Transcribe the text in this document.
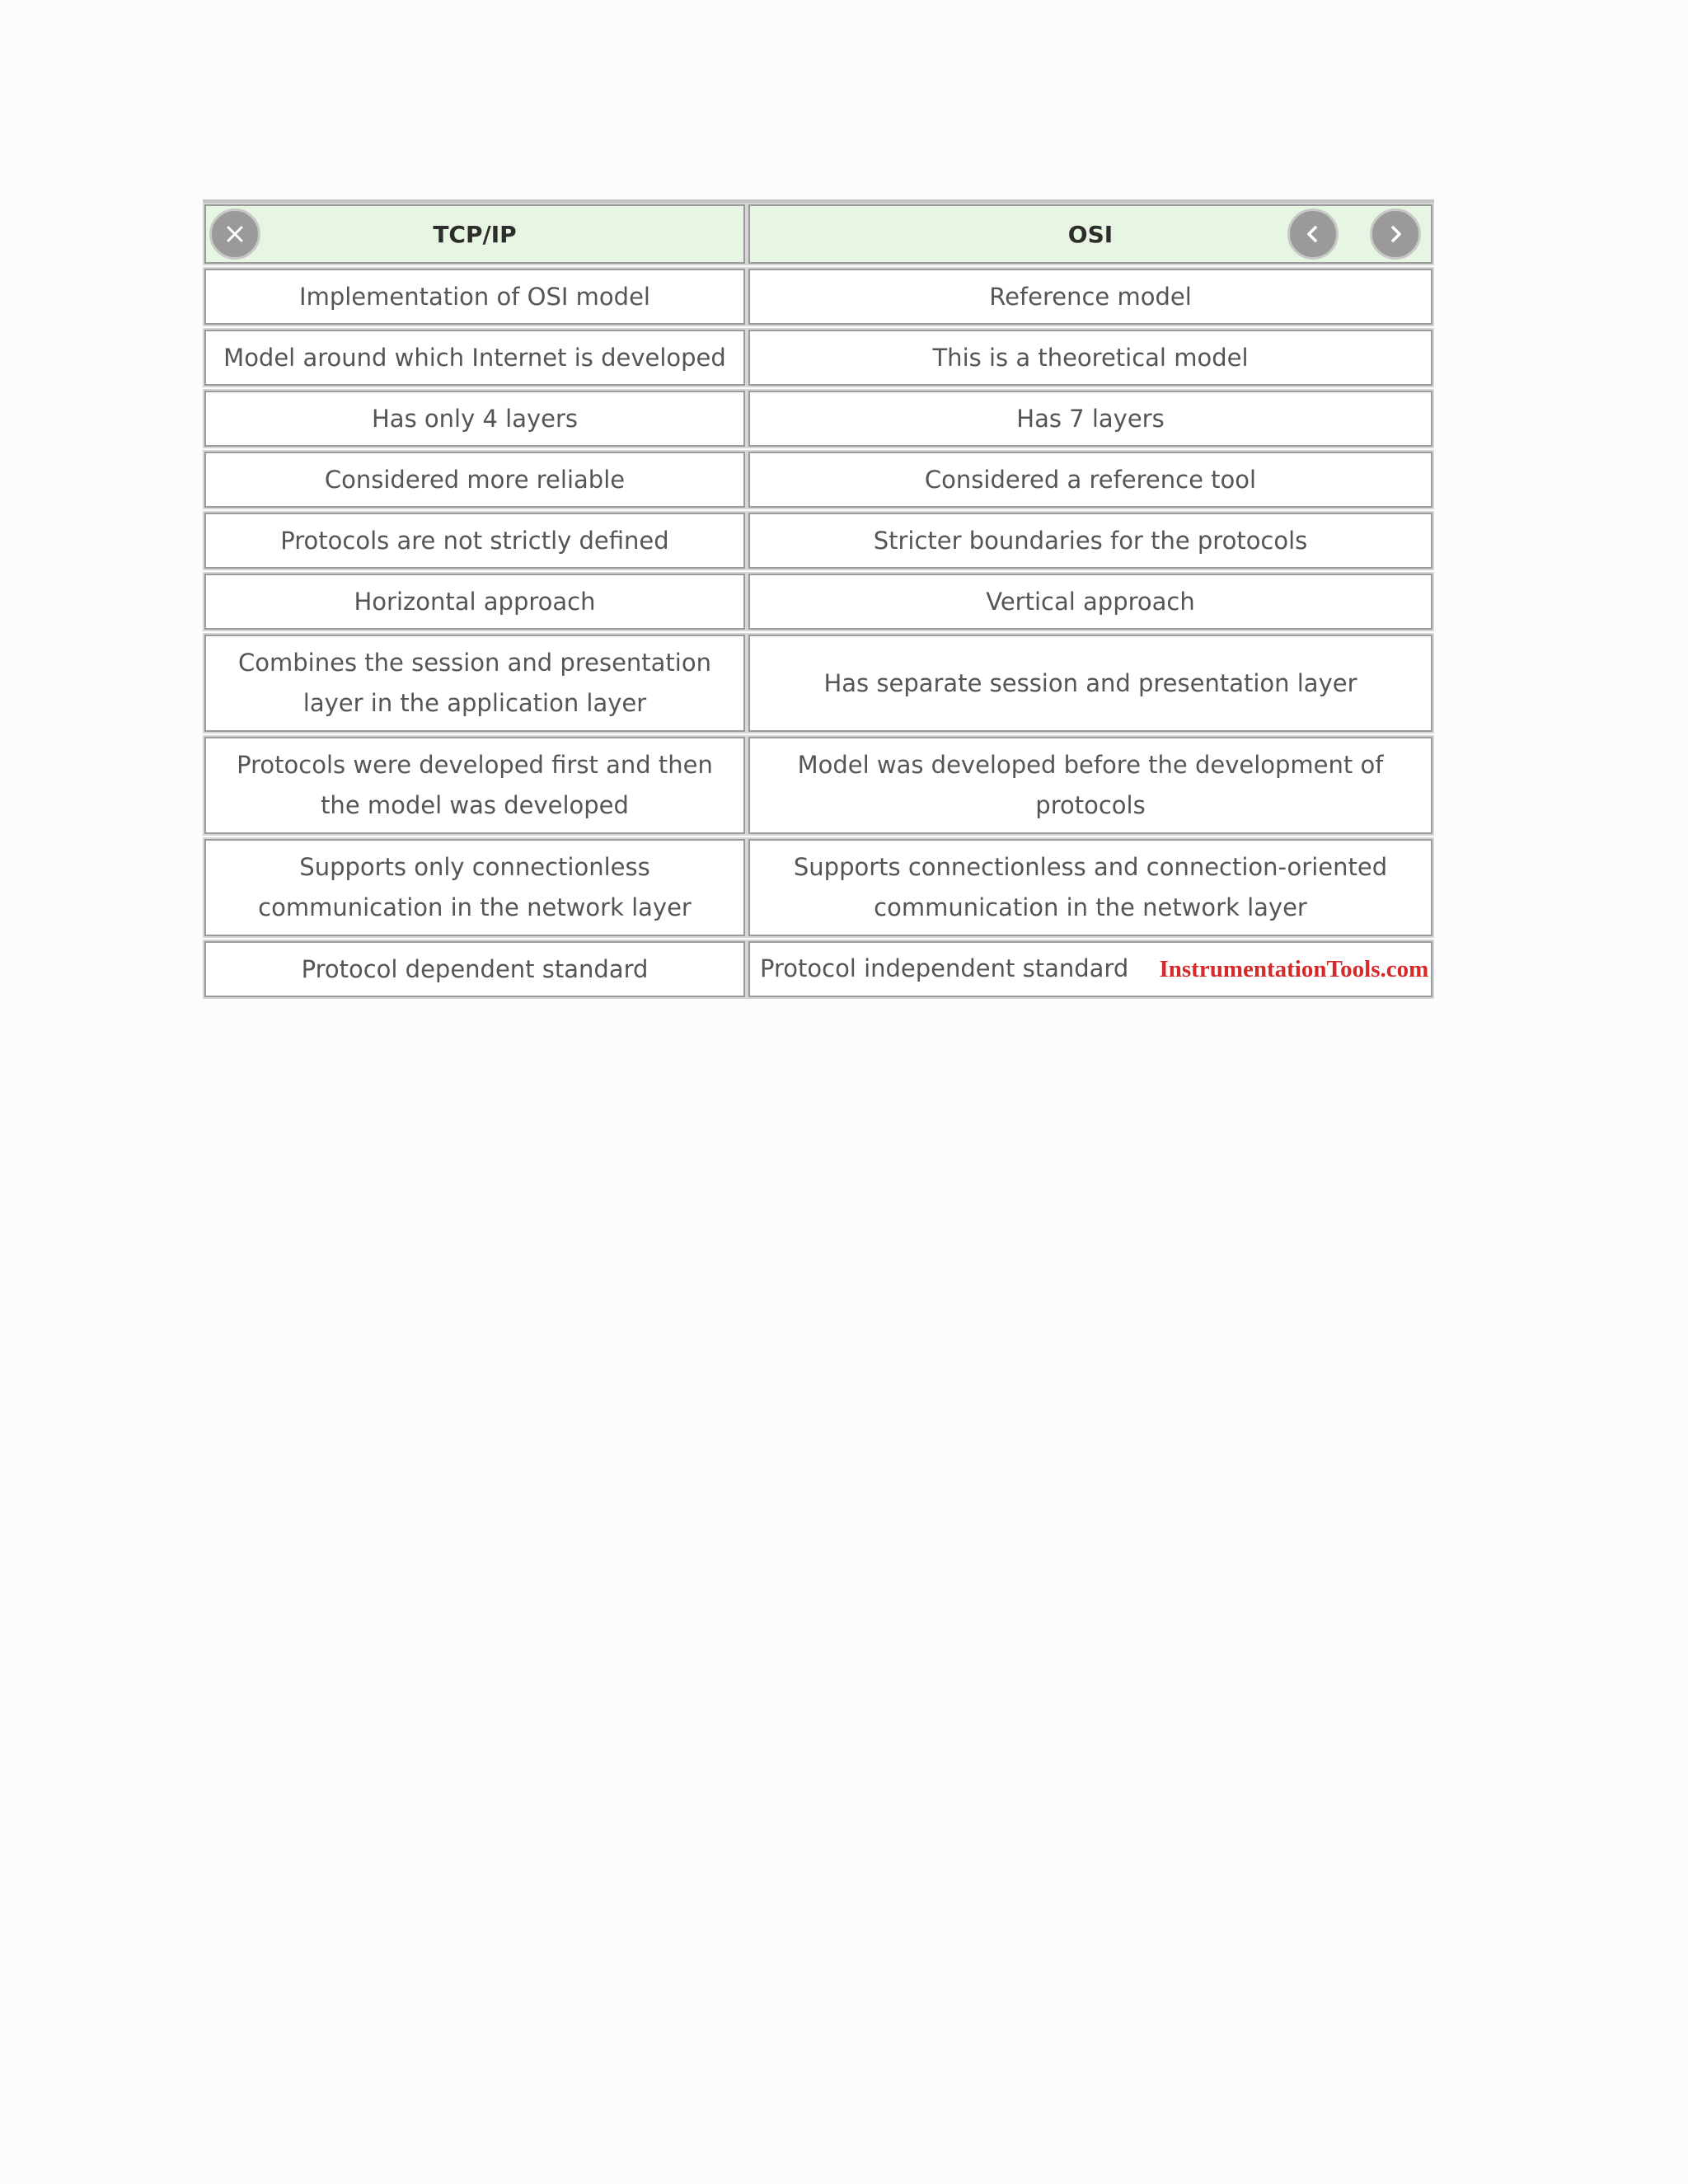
TCP/IP	OSI

Implementation of OSI model	Reference model
Model around which Internet is developed	This is a theoretical model
Has only 4 layers	Has 7 layers
Considered more reliable	Considered a reference tool
Protocols are not strictly defined	Stricter boundaries for the protocols
Horizontal approach	Vertical approach
Combines the session and presentation layer in the application layer	Has separate session and presentation layer
Protocols were developed first and then the model was developed	Model was developed before the development of protocols
Supports only connectionless communication in the network layer	Supports connectionless and connection-oriented communication in the network layer
Protocol dependent standard	Protocol independent standard InstrumentationTools.com
